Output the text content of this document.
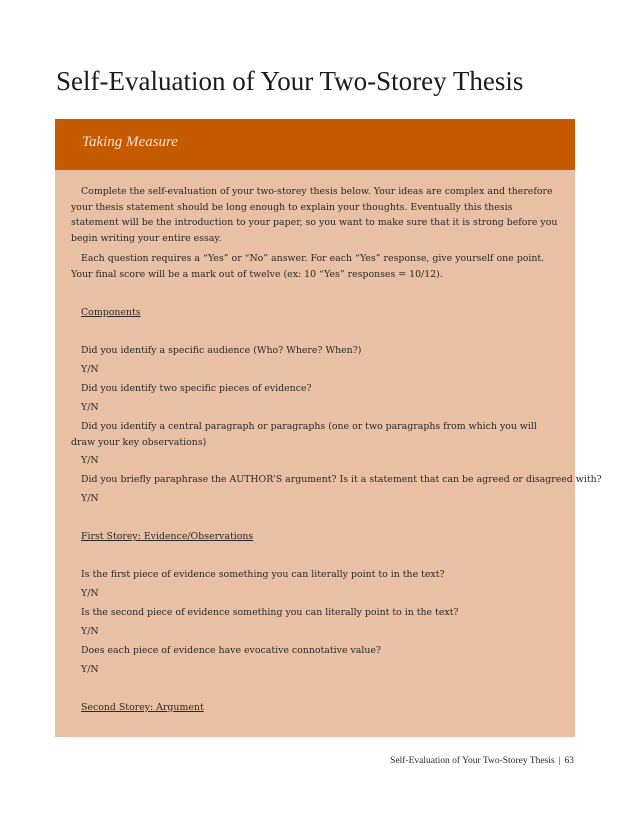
Self-Evaluation of Your Two-Storey Thesis
Taking Measure

Complete the self-evaluation of your two-storey thesis below. Your ideas are complex and therefore your thesis statement should be long enough to explain your thoughts. Eventually this thesis statement will be the introduction to your paper, so you want to make sure that it is strong before you begin writing your entire essay.

Each question requires a “Yes” or “No” answer. For each “Yes” response, give yourself one point. Your final score will be a mark out of twelve (ex: 10 “Yes” responses = 10/12).

Components

Did you identify a specific audience (Who? Where? When?)

Y/N

Did you identify two specific pieces of evidence?

Y/N

Did you identify a central paragraph or paragraphs (one or two paragraphs from which you will draw your key observations)

Y/N

Did you briefly paraphrase the AUTHOR’S argument? Is it a statement that can be agreed or disagreed with?

Y/N

First Storey: Evidence/Observations

Is the first piece of evidence something you can literally point to in the text?

Y/N

Is the second piece of evidence something you can literally point to in the text?

Y/N

Does each piece of evidence have evocative connotative value?

Y/N

Second Storey: Argument

Self-Evaluation of Your Two-Storey Thesis | 63
